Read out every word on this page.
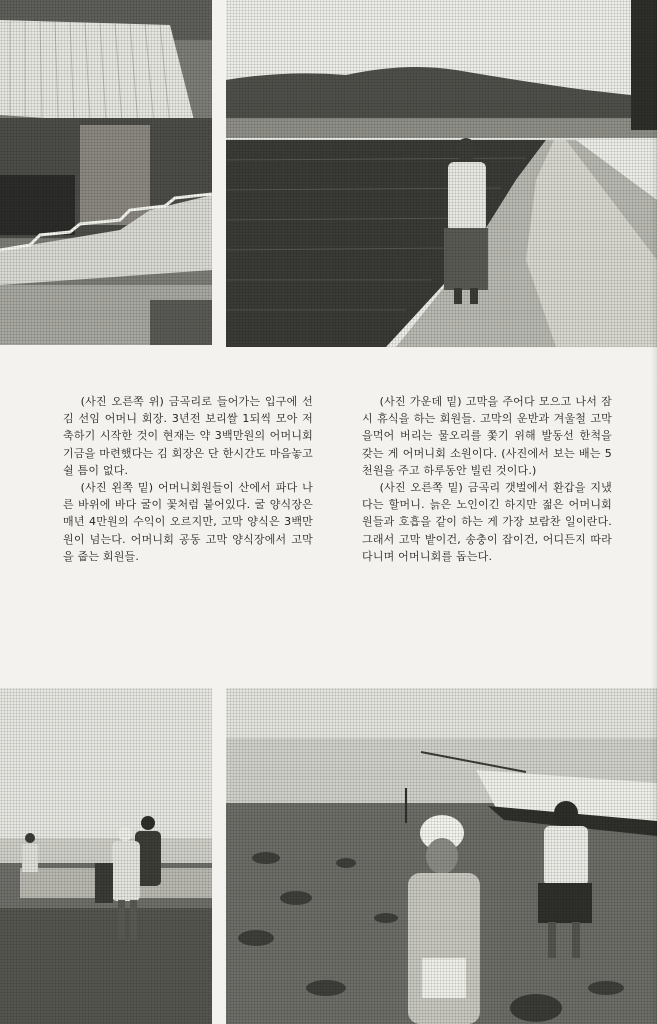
(사진 오른쪽 위) 금곡리로 들어가는 입구에 선 김 선임 어머니 회장. 3년전 보리쌀 1되씩 모아 저축하기 시작한 것이 현재는 약 3백만원의 어머니회 기금을 마련했다는 김 회장은 단 한시간도 마음놓고 쉴 틈이 없다.

(사진 왼쪽 밑) 어머니회원들이 산에서 파다 나른 바위에 바다 굴이 꽃처럼 붙어있다. 굴 양식장은매년 4만원의 수익이 오르지만, 고막 양식은 3백만원이 넘는다. 어머니회 공동 고막 양식장에서 고막을 줍는 회원들.

(사진 가운데 밑) 고막을 주어다 모으고 나서 잠시 휴식을 하는 회원들. 고막의 운반과 겨울철 고막을먹어 버리는 물오리를 쫓기 위해 발동선 한척을 갖는 게 어머니회 소원이다. (사진에서 보는 배는 5천원을 주고 하루동안 빌린 것이다.)

(사진 오른쪽 밑) 금곡리 갯벌에서 환갑을 지냈다는 할머니. 늙은 노인이긴 하지만 젊은 어머니회원들과 호흡을 같이 하는 게 가장 보람찬 일이란다. 그래서 고막 밭이건, 송충이 잡이건, 어디든지 따라 다니며 어머니회를 돕는다.
